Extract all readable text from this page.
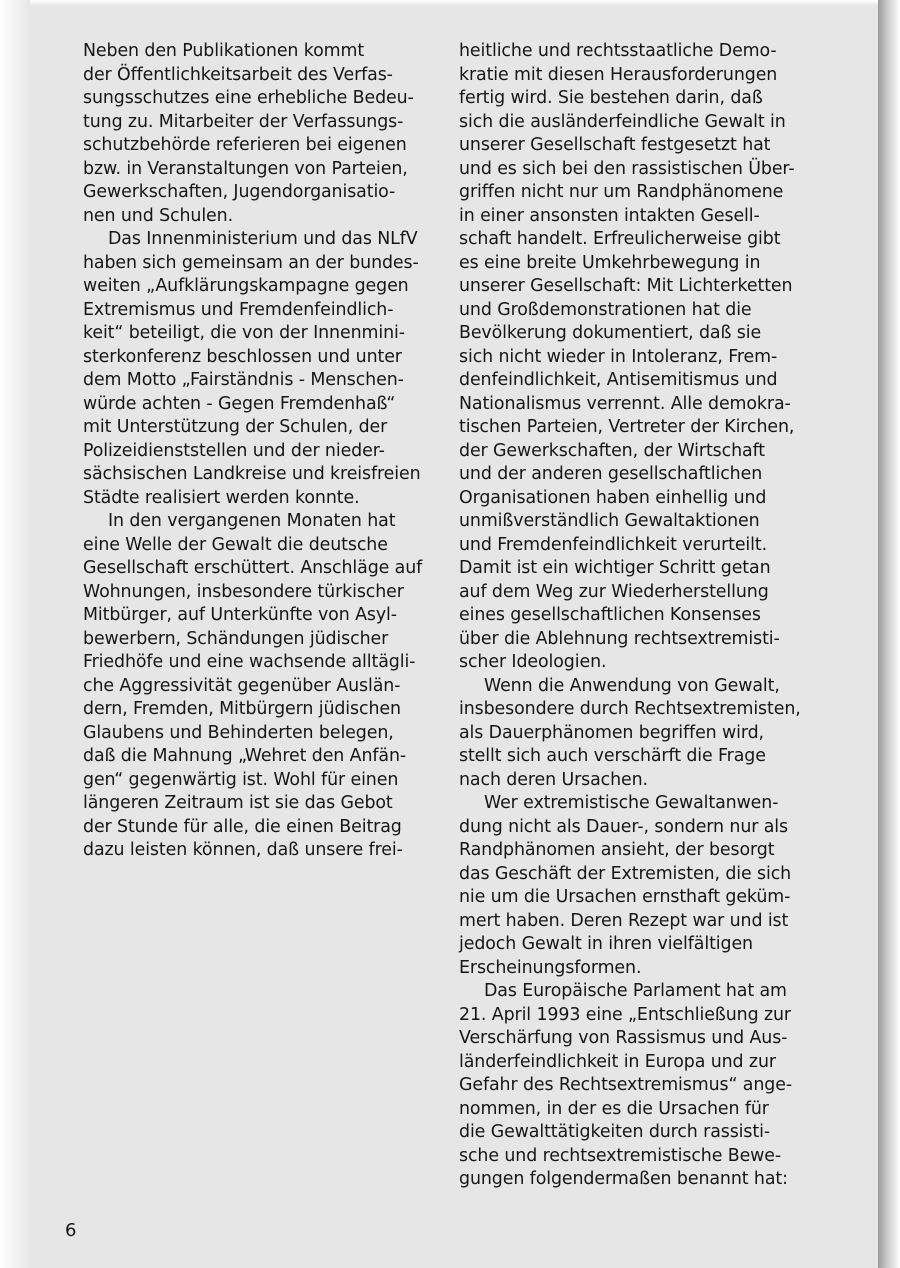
Neben den Publikationen kommt

der Öffentlichkeitsarbeit des Verfas-

sungsschutzes eine erhebliche Bedeu-

tung zu. Mitarbeiter der Verfassungs-

schutzbehörde referieren bei eigenen

bzw. in Veranstaltungen von Parteien,

Gewerkschaften, Jugendorganisatio-

nen und Schulen.

Das Innenministerium und das NLfV

haben sich gemeinsam an der bundes-

weiten „Aufklärungskampagne gegen

Extremismus und Fremdenfeindlich-

keit“ beteiligt, die von der Innenmini-

sterkonferenz beschlossen und unter

dem Motto „Fairständnis - Menschen-

würde achten - Gegen Fremdenhaß“

mit Unterstützung der Schulen, der

Polizeidienststellen und der nieder-

sächsischen Landkreise und kreisfreien

Städte realisiert werden konnte.

In den vergangenen Monaten hat

eine Welle der Gewalt die deutsche

Gesellschaft erschüttert. Anschläge auf

Wohnungen, insbesondere türkischer

Mitbürger, auf Unterkünfte von Asyl-

bewerbern, Schändungen jüdischer

Friedhöfe und eine wachsende alltägli-

che Aggressivität gegenüber Auslän-

dern, Fremden, Mitbürgern jüdischen

Glaubens und Behinderten belegen,

daß die Mahnung „Wehret den Anfän-

gen“ gegenwärtig ist. Wohl für einen

längeren Zeitraum ist sie das Gebot

der Stunde für alle, die einen Beitrag

dazu leisten können, daß unsere frei-

heitliche und rechtsstaatliche Demo-

kratie mit diesen Herausforderungen

fertig wird. Sie bestehen darin, daß

sich die ausländerfeindliche Gewalt in

unserer Gesellschaft festgesetzt hat

und es sich bei den rassistischen Über-

griffen nicht nur um Randphänomene

in einer ansonsten intakten Gesell-

schaft handelt. Erfreulicherweise gibt

es eine breite Umkehrbewegung in

unserer Gesellschaft: Mit Lichterketten

und Großdemonstrationen hat die

Bevölkerung dokumentiert, daß sie

sich nicht wieder in Intoleranz, Frem-

denfeindlichkeit, Antisemitismus und

Nationalismus verrennt. Alle demokra-

tischen Parteien, Vertreter der Kirchen,

der Gewerkschaften, der Wirtschaft

und der anderen gesellschaftlichen

Organisationen haben einhellig und

unmißverständlich Gewaltaktionen

und Fremdenfeindlichkeit verurteilt.

Damit ist ein wichtiger Schritt getan

auf dem Weg zur Wiederherstellung

eines gesellschaftlichen Konsenses

über die Ablehnung rechtsextremisti-

scher Ideologien.

Wenn die Anwendung von Gewalt,

insbesondere durch Rechtsextremisten,

als Dauerphänomen begriffen wird,

stellt sich auch verschärft die Frage

nach deren Ursachen.

Wer extremistische Gewaltanwen-

dung nicht als Dauer-, sondern nur als

Randphänomen ansieht, der besorgt

das Geschäft der Extremisten, die sich

nie um die Ursachen ernsthaft geküm-

mert haben. Deren Rezept war und ist

jedoch Gewalt in ihren vielfältigen

Erscheinungsformen.

Das Europäische Parlament hat am

21. April 1993 eine „Entschließung zur

Verschärfung von Rassismus und Aus-

länderfeindlichkeit in Europa und zur

Gefahr des Rechtsextremismus“ ange-

nommen, in der es die Ursachen für

die Gewalttätigkeiten durch rassisti-

sche und rechtsextremistische Bewe-

gungen folgendermaßen benannt hat:

6
